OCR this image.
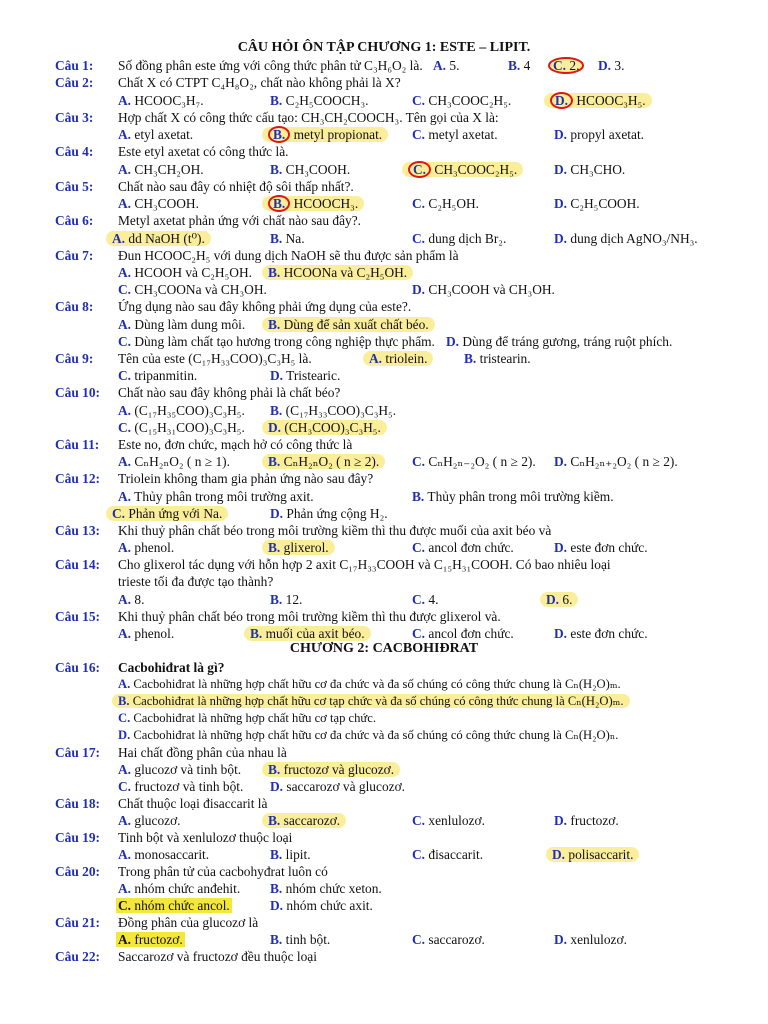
CÂU HỎI ÔN TẬP CHƯƠNG 1: ESTE – LIPIT.
Câu 1: Số đồng phân este ứng với công thức phân tử C₃H₆O₂ là. A. 5.	B. 4	C. 2.	D. 3.
Câu 2: Chất X có CTPT C₄H₈O₂, chất nào không phải là X?
A. HCOOC₃H₇.	B. C₂H₅COOCH₃.	C. CH₃COOC₂H₅.	D. HCOOC₃H₅.
Câu 3: Hợp chất X có công thức cấu tạo: CH₃CH₂COOCH₃. Tên gọi của X là:
A. etyl axetat.	B. metyl propionat.	C. metyl axetat.	D. propyl axetat.
Câu 4: Este etyl axetat có công thức là.
A. CH₃CH₂OH.	B. CH₃COOH.	C. CH₃COOC₂H₅.	D. CH₃CHO.
Câu 5: Chất nào sau đây có nhiệt độ sôi thấp nhất?.
A. CH₃COOH.	B. HCOOCH₃.	C. C₂H₅OH.	D. C₂H₅COOH.
Câu 6: Metyl axetat phản ứng với chất nào sau đây?.
A. dd NaOH (t⁰).	B. Na.	C. dung dịch Br₂.	D. dung dịch AgNO₃/NH₃.
Câu 7: Đun HCOOC₂H₅ với dung dịch NaOH sẽ thu được sản phẩm là
A. HCOOH và C₂H₅OH.	B. HCOONa và C₂H₅OH.
C. CH₃COONa và CH₃OH.	D. CH₃COOH và CH₃OH.
Câu 8: Ứng dụng nào sau đây không phải ứng dụng của este?.
A. Dùng làm dung môi.	B. Dùng để sản xuất chất béo.
C. Dùng làm chất tạo hương trong công nghiệp thực phẩm. D. Dùng để tráng gương, tráng ruột phích.
Câu 9: Tên của este (C₁₇H₃₃COO)₃C₃H₅ là.	A. triolein.	B. tristearin.
C. tripanmitin.	D. Tristearic.
Câu 10: Chất nào sau đây không phải là chất béo?
A. (C₁₇H₃₅COO)₃C₃H₅. B. (C₁₇H₃₃COO)₃C₃H₅.
C. (C₁₅H₃₁COO)₃C₃H₅.	D. (CH₃COO)₃C₃H₅.
Câu 11: Este no, đơn chức, mạch hở có công thức là
A. CₙH₂ₙO₂ ( n ≥ 1).	B. CₙH₂ₙO₂ ( n ≥ 2).	C. CₙH₂ₙ₋₂O₂ ( n ≥ 2). D. CₙH₂ₙ₊₂O₂ ( n ≥ 2).
Câu 12: Triolein không tham gia phản ứng nào sau đây?
A. Thủy phân trong môi trường axit.	B. Thủy phân trong môi trường kiềm.
C. Phản ứng với Na.	D. Phản ứng cộng H₂.
Câu 13: Khi thuỷ phân chất béo trong môi trường kiềm thì thu được muối của axit béo và
A. phenol.	B. glixerol.	C. ancol đơn chức.	D. este đơn chức.
Câu 14: Cho glixerol tác dụng với hỗn hợp 2 axit C₁₇H₃₃COOH và C₁₅H₃₁COOH. Có bao nhiêu loại
trieste tối đa được tạo thành?
A. 8.	B. 12.	C. 4.	D. 6.
Câu 15: Khi thuỷ phân chất béo trong môi trường kiềm thì thu được glixerol và.
A. phenol.	B. muối của axit béo.	C. ancol đơn chức.	D. este đơn chức.
CHƯƠNG 2: CACBOHIĐRAT
Câu 16: Cacbohiđrat là gì?
A. Cacbohiđrat là những hợp chất hữu cơ đa chức và đa số chúng có công thức chung là Cₙ(H₂O)ₘ.
B. Cacbohiđrat là những hợp chất hữu cơ tạp chức và đa số chúng có công thức chung là Cₙ(H₂O)ₘ.
C. Cacbohiđrat là những hợp chất hữu cơ tạp chức.
D. Cacbohiđrat là những hợp chất hữu cơ đa chức và đa số chúng có công thức chung là Cₙ(H₂O)ₙ.
Câu 17: Hai chất đồng phân của nhau là
A. glucozơ và tinh bột.	B. fructozơ và glucozơ.
C. fructozơ và tinh bột. D. saccarozơ và glucozơ.
Câu 18: Chất thuộc loại đisaccarit là
A. glucozơ.	B. saccarozơ.	C. xenlulozơ.	D. fructozơ.
Câu 19: Tinh bột và xenlulozơ thuộc loại
A. monosaccarit.	B. lipit.	C. đisaccarit.	D. polisaccarit.
Câu 20: Trong phân tử của cacbohyđrat luôn có
A. nhóm chức anđehit. B. nhóm chức xeton.
C. nhóm chức ancol.	D. nhóm chức axit.
Câu 21: Đồng phân của glucozơ là
A. fructozơ.	B. tinh bột.	C. saccarozơ.	D. xenlulozơ.
Câu 22: Saccarozơ và fructozơ đều thuộc loại
